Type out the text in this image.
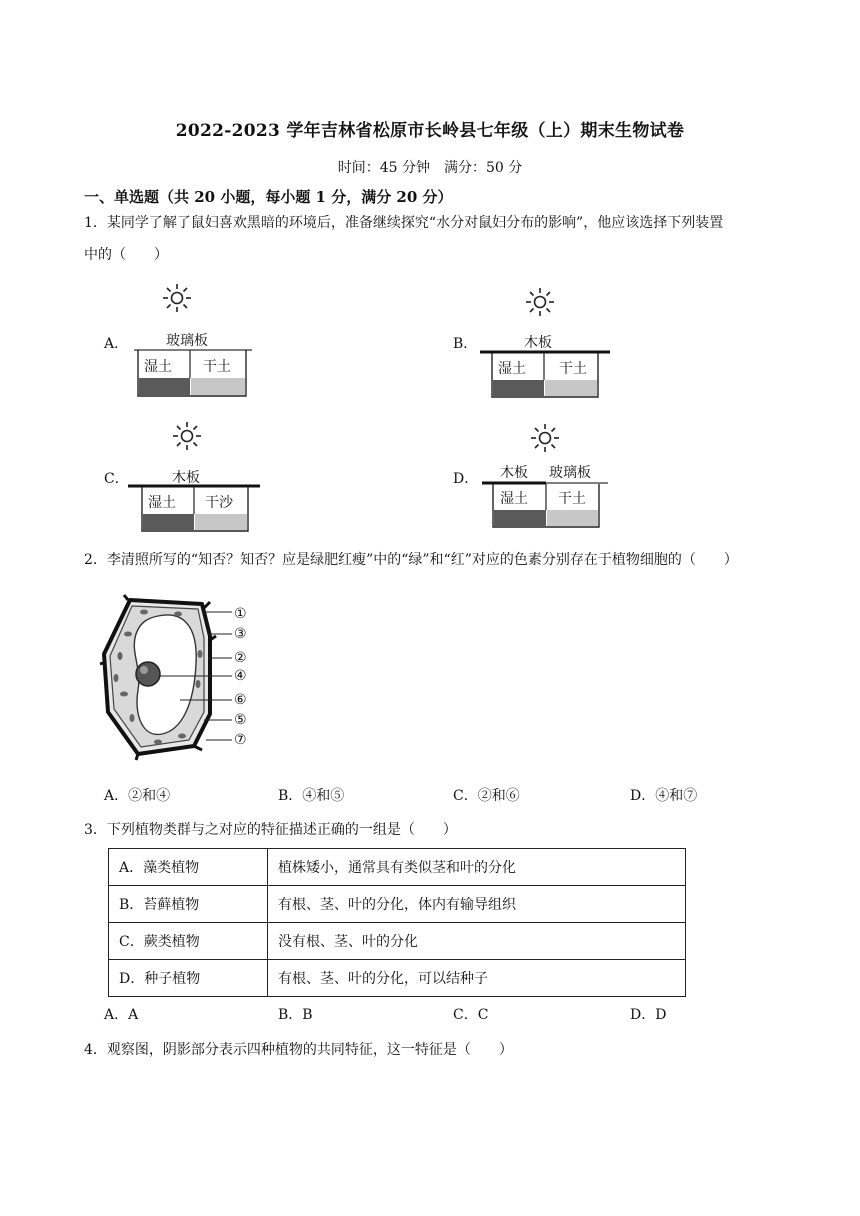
2022-2023 学年吉林省松原市长岭县七年级（上）期末生物试卷
时间：45 分钟　满分：50 分
一、单选题（共 20 小题，每小题 1 分，满分 20 分）
1．某同学了解了鼠妇喜欢黑暗的环境后，准备继续探究“水分对鼠妇分布的影响”，他应该选择下列装置
中的（　　）
A．	玻璃板
湿土 干土
B．	木板
湿土 干土
C．	木板
湿土 干沙
D． 木板 玻璃板
湿土 干土
2．李清照所写的“知否？知否？应是绿肥红瘦”中的“绿”和“红”对应的色素分别存在于植物细胞的（　　）
①
③
②
④
⑥
⑤
⑦
A．②和④	B．④和⑤	C．②和⑥	D．④和⑦
3．下列植物类群与之对应的特征描述正确的一组是（　　）
A．藻类植物	植株矮小，通常具有类似茎和叶的分化
B．苔藓植物	有根、茎、叶的分化，体内有输导组织
C．蕨类植物	没有根、茎、叶的分化
D．种子植物	有根、茎、叶的分化，可以结种子
A．A	B．B	C．C	D．D
4．观察图，阴影部分表示四种植物的共同特征，这一特征是（　　）
